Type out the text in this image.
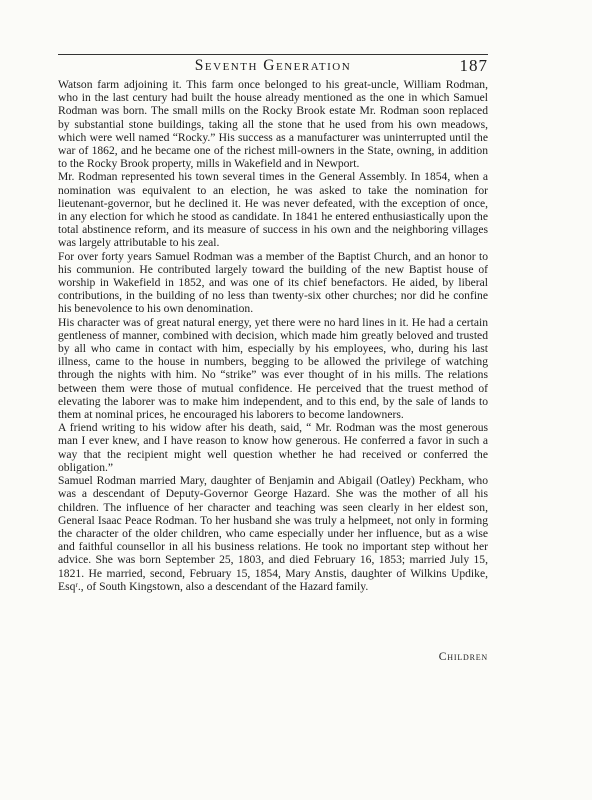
Seventh Generation	187

Watson farm adjoining it. This farm once belonged to his great-uncle, William Rodman, who in the last century had built the house already mentioned as the one in which Samuel Rodman was born. The small mills on the Rocky Brook estate Mr. Rodman soon replaced by substantial stone buildings, taking all the stone that he used from his own meadows, which were well named “Rocky.” His success as a manufacturer was uninterrupted until the war of 1862, and he became one of the richest mill-owners in the State, owning, in addition to the Rocky Brook property, mills in Wakefield and in Newport.

Mr. Rodman represented his town several times in the General Assembly. In 1854, when a nomination was equivalent to an election, he was asked to take the nomination for lieutenant-governor, but he declined it. He was never defeated, with the exception of once, in any election for which he stood as candidate. In 1841 he entered enthusiastically upon the total abstinence reform, and its measure of success in his own and the neighboring villages was largely attributable to his zeal.

For over forty years Samuel Rodman was a member of the Baptist Church, and an honor to his communion. He contributed largely toward the building of the new Baptist house of worship in Wakefield in 1852, and was one of its chief benefactors. He aided, by liberal contributions, in the building of no less than twenty-six other churches; nor did he confine his benevolence to his own denomination.

His character was of great natural energy, yet there were no hard lines in it. He had a certain gentleness of manner, combined with decision, which made him greatly beloved and trusted by all who came in contact with him, especially by his employees, who, during his last illness, came to the house in numbers, begging to be allowed the privilege of watching through the nights with him. No “strike” was ever thought of in his mills. The relations between them were those of mutual confidence. He perceived that the truest method of elevating the laborer was to make him independent, and to this end, by the sale of lands to them at nominal prices, he encouraged his laborers to become landowners.

A friend writing to his widow after his death, said, “ Mr. Rodman was the most generous man I ever knew, and I have reason to know how generous. He conferred a favor in such a way that the recipient might well question whether he had received or conferred the obligation.”

Samuel Rodman married Mary, daughter of Benjamin and Abigail (Oatley) Peckham, who was a descendant of Deputy-Governor George Hazard. She was the mother of all his children. The influence of her character and teaching was seen clearly in her eldest son, General Isaac Peace Rodman. To her husband she was truly a helpmeet, not only in forming the character of the older children, who came especially under her influence, but as a wise and faithful counsellor in all his business relations. He took no important step without her advice. She was born September 25, 1803, and died February 16, 1853; married July 15, 1821. He married, second, February 15, 1854, Mary Anstis, daughter of Wilkins Updike, Esqʳ., of South Kingstown, also a descendant of the Hazard family.

Children
